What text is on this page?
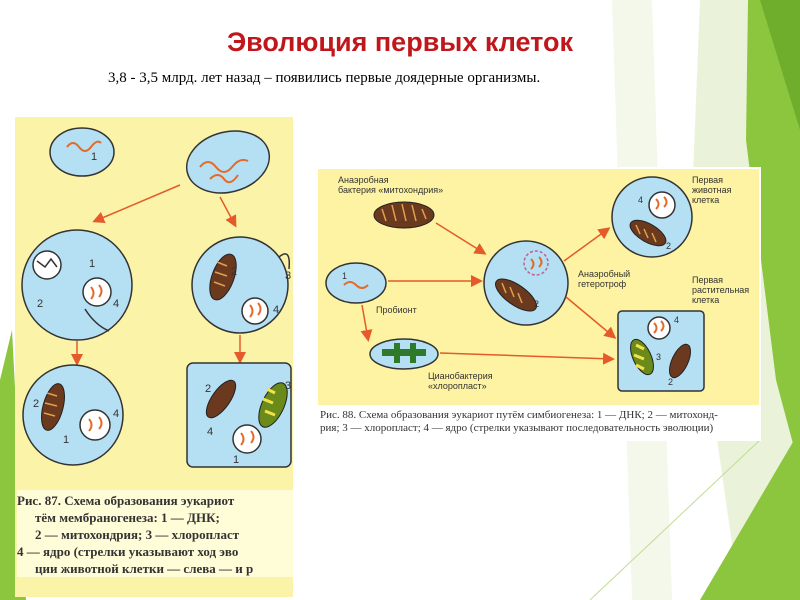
Эволюция первых клеток

3,8 - 3,5 млрд. лет назад – появились первые доядерные организмы.

1
1
2	4
2	3
4
2
4
1
2	3
4
1
Рис. 87. Схема образования эукариот
тём мембраногенеза: 1 — ДНК;
2 — митохондрия; 3 — хлоропласт
4 — ядро (стрелки указывают ход эво
ции животной клетки — слева — и р
Анаэробная
бактерия «митохондрия»
Первая
животная
клетка
Анаэробный
гетеротроф	Первая
растительная
клетка
Пробионт
Цианобактерия
«хлоропласт»
1
2
4
2
4
3
2
Рис. 88. Схема образования эукариот путём симбиогенеза: 1 — ДНК; 2 — митохонд-
рия; 3 — хлоропласт; 4 — ядро (стрелки указывают последовательность эволюции)
